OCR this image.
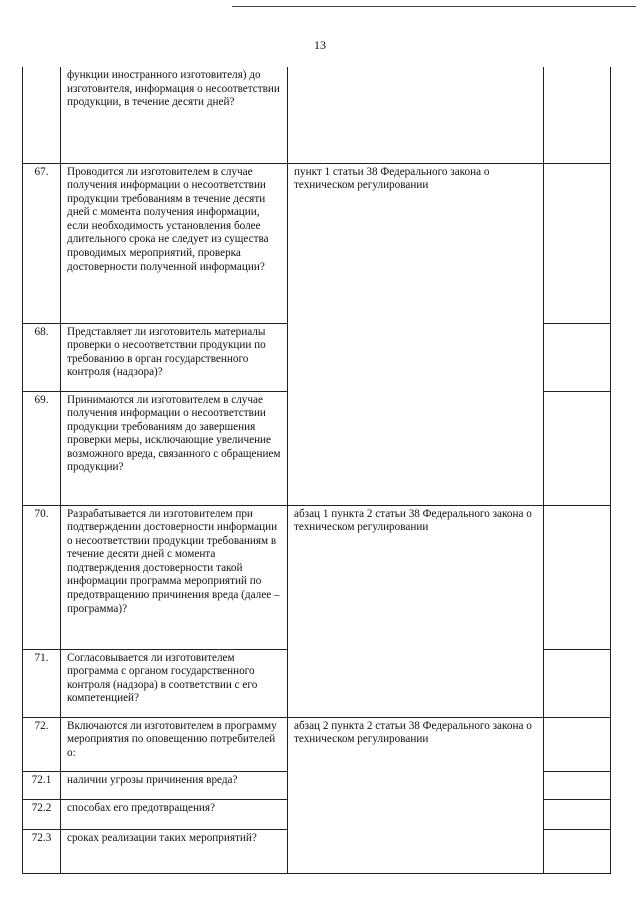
13
	функции иностранного изготовителя) до изготовителя, информация о несоответствии продукции, в течение десяти дней?		
67.	Проводится ли изготовителем в случае получения информации о несоответствии продукции требованиям в течение десяти дней с момента получения информации, если необходимость установления более длительного срока не следует из существа проводимых мероприятий, проверка достоверности полученной информации?	пункт 1 статьи 38 Федерального закона о техническом регулировании	
68.	Представляет ли изготовитель материалы проверки о несоответствии продукции по требованию в орган государственного контроля (надзора)?		
69.	Принимаются ли изготовителем в случае получения информации о несоответствии продукции требованиям до завершения проверки меры, исключающие увеличение возможного вреда, связанного с обращением продукции?		
70.	Разрабатывается ли изготовителем при подтверждении достоверности информации о несоответствии продукции требованиям в течение десяти дней с момента подтверждения достоверности такой информации программа мероприятий по предотвращению причинения вреда (далее – программа)?	абзац 1 пункта 2 статьи 38 Федерального закона о техническом регулировании	
71.	Согласовывается ли изготовителем программа с органом государственного контроля (надзора) в соответствии с его компетенцией?		
72.	Включаются ли изготовителем в программу мероприятия по оповещению потребителей о:	абзац 2 пункта 2 статьи 38 Федерального закона о техническом регулировании	
72.1	наличии угрозы причинения вреда?		
72.2	способах его предотвращения?		
72.3	сроках реализации таких мероприятий?		
